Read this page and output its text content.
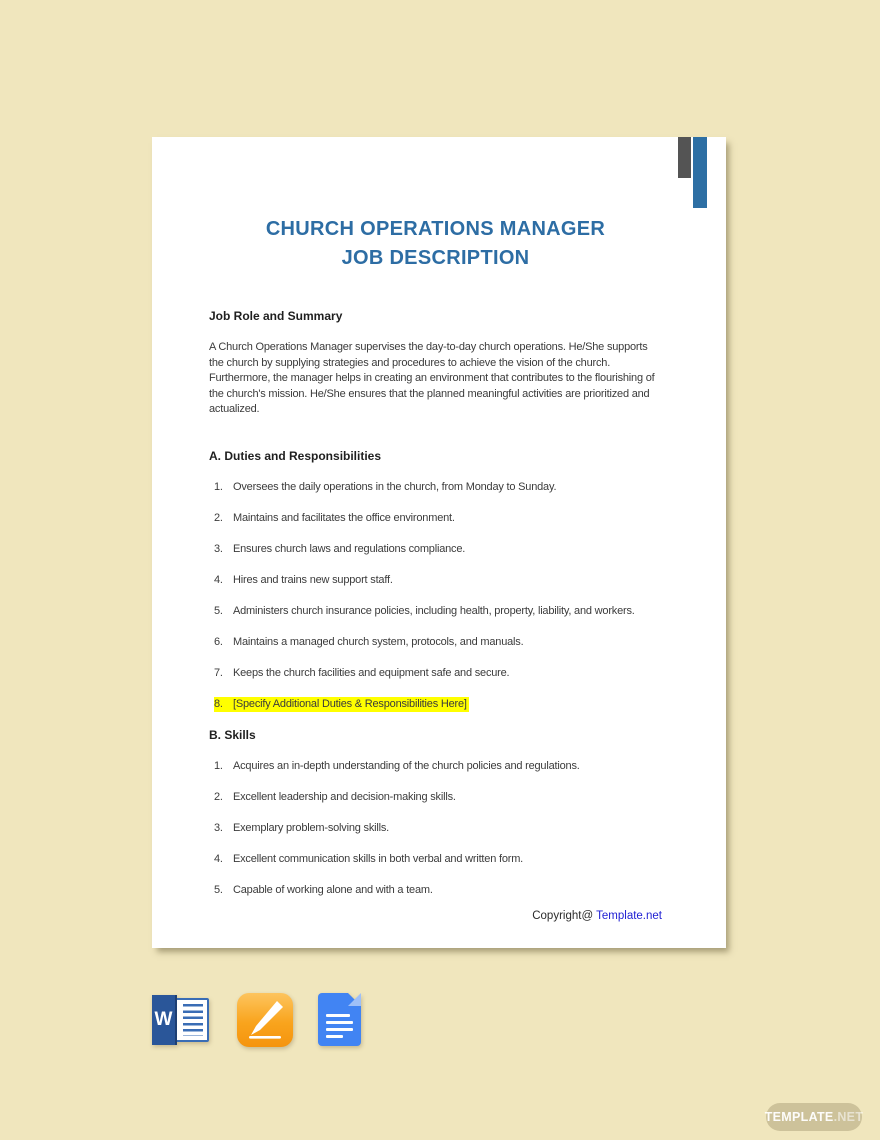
CHURCH OPERATIONS MANAGER
JOB DESCRIPTION
Job Role and Summary

A Church Operations Manager supervises the day-to-day church operations. He/She supports the church by supplying strategies and procedures to achieve the vision of the church. Furthermore, the manager helps in creating an environment that contributes to the flourishing of the church's mission. He/She ensures that the planned meaningful activities are prioritized and actualized.

A. Duties and Responsibilities
1. Oversees the daily operations in the church, from Monday to Sunday.
2. Maintains and facilitates the office environment.
3. Ensures church laws and regulations compliance.
4. Hires and trains new support staff.
5. Administers church insurance policies, including health, property, liability, and workers.
6. Maintains a managed church system, protocols, and manuals.
7. Keeps the church facilities and equipment safe and secure.
8. [Specify Additional Duties & Responsibilities Here]
B. Skills
1. Acquires an in-depth understanding of the church policies and regulations.
2. Excellent leadership and decision-making skills.
3. Exemplary problem-solving skills.
4. Excellent communication skills in both verbal and written form.
5. Capable of working alone and with a team.
Copyright@ Template.net
W
TEMPLATE .NET
